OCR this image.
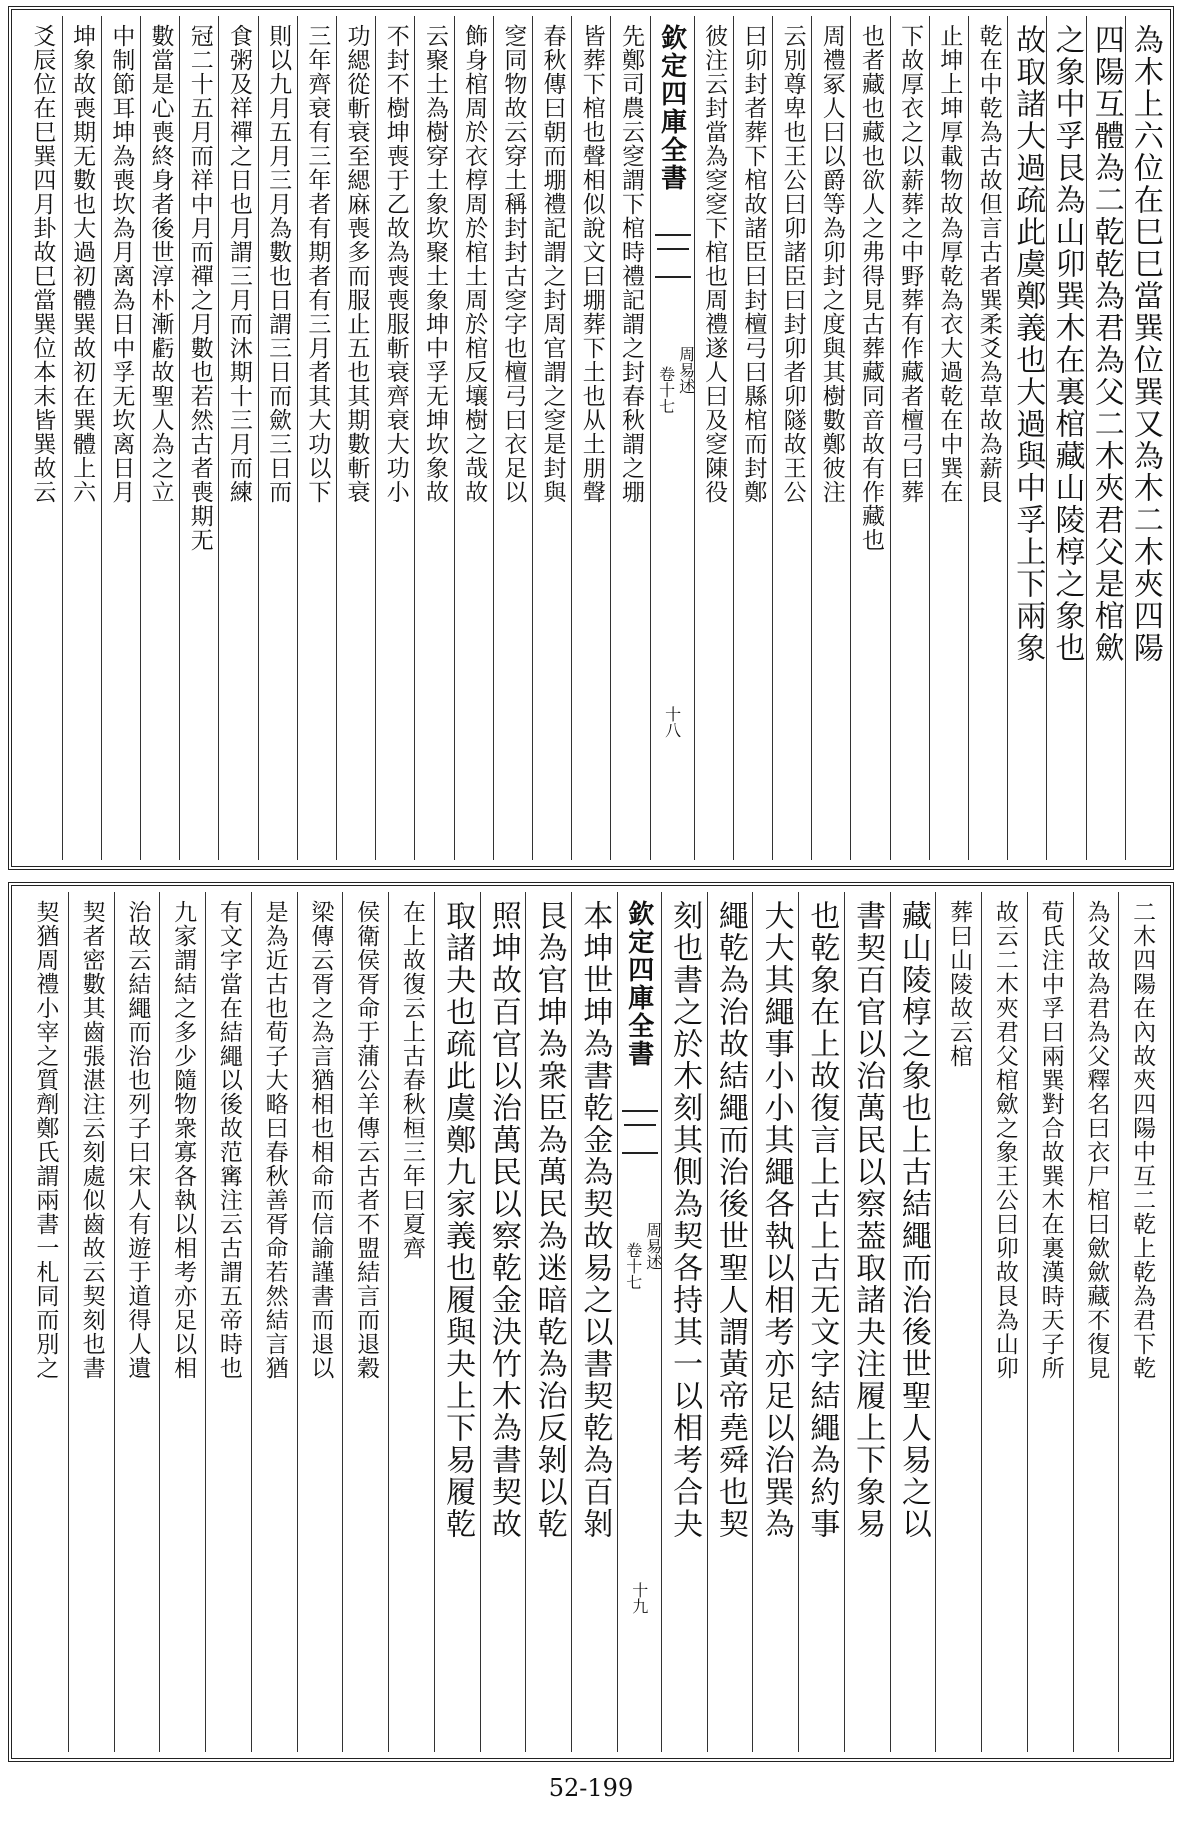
為木上六位在巳巳當巽位巽又為木二木夾四陽
四陽互體為二乾乾為君為父二木夾君父是棺歛
之象中孚艮為山卯巽木在裏棺藏山陵椁之象也
故取諸大過疏此虞鄭義也大過與中孚上下兩象
乾在中乾為古故但言古者巽柔爻為草故為薪艮
止坤上坤厚載物故為厚乾為衣大過乾在中巽在
下故厚衣之以薪葬之中野葬有作藏者檀弓曰葬
也者藏也藏也欲人之弗得見古葬藏同音故有作藏也
周禮冢人曰以爵等為卯封之度與其樹數鄭彼注
云別尊卑也王公曰卯諸臣曰封卯者卯隧故王公
曰卯封者葬下棺故諸臣曰封檀弓曰縣棺而封鄭
彼注云封當為窆窆下棺也周禮遂人曰及窆陳役
欽定四庫全書
周易述
卷十七
十八
先鄭司農云窆謂下棺時禮記謂之封春秋謂之堋
皆葬下棺也聲相似說文曰堋葬下土也从土朋聲
春秋傳曰朝而堋禮記謂之封周官謂之窆是封與
窆同物故云穿土稱封封古窆字也檀弓曰衣足以
飾身棺周於衣椁周於棺土周於棺反壤樹之哉故
云聚土為樹穿土象坎聚土象坤中孚无坤坎象故
不封不樹坤喪于乙故為喪喪服斬衰齊衰大功小
功緦從斬衰至緦麻喪多而服止五也其期數斬衰
三年齊衰有三年者有期者有三月者其大功以下
則以九月五月三月為數也日謂三日而歛三日而
食粥及祥禪之日也月謂三月而沐期十三月而練
冠二十五月而祥中月而禪之月數也若然古者喪期无
數當是心喪終身者後世淳朴漸虧故聖人為之立
中制節耳坤為喪坎為月离為日中孚无坎离日月
坤象故喪期无數也大過初體巽故初在巽體上六
爻辰位在巳巽四月卦故巳當巽位本末皆巽故云
二木四陽在內故夾四陽中互二乾上乾為君下乾
為父故為君為父釋名曰衣尸棺曰歛歛藏不復見
荀氏注中孚曰兩巽對合故巽木在裏漢時天子所
故云二木夾君父棺歛之象王公曰卯故艮為山卯
葬曰山陵故云棺
藏山陵椁之象也上古結繩而治後世聖人易之以
書契百官以治萬民以察葢取諸夬注履上下象易
也乾象在上故復言上古上古无文字結繩為約事
大大其繩事小小其繩各執以相考亦足以治巽為
繩乾為治故結繩而治後世聖人謂黃帝堯舜也契
刻也書之於木刻其側為契各持其一以相考合夬
欽定四庫全書
周易述
卷十七
十九
本坤世坤為書乾金為契故易之以書契乾為百剝
艮為官坤為衆臣為萬民為迷暗乾為治反剝以乾
照坤故百官以治萬民以察乾金決竹木為書契故
取諸夬也疏此虞鄭九家義也履與夬上下易履乾
在上故復云上古春秋桓三年曰夏齊
侯衛侯胥命于蒲公羊傳云古者不盟結言而退穀
梁傳云胥之為言猶相也相命而信諭謹書而退以
是為近古也荀子大略曰春秋善胥命若然結言猶
有文字當在結繩以後故范寗注云古謂五帝時也
九家謂結之多少隨物衆寡各執以相考亦足以相
治故云結繩而治也列子曰宋人有遊于道得人遺
契者密數其齒張湛注云刻處似齒故云契刻也書
契猶周禮小宰之質劑鄭氏謂兩書一札同而別之
52-199
